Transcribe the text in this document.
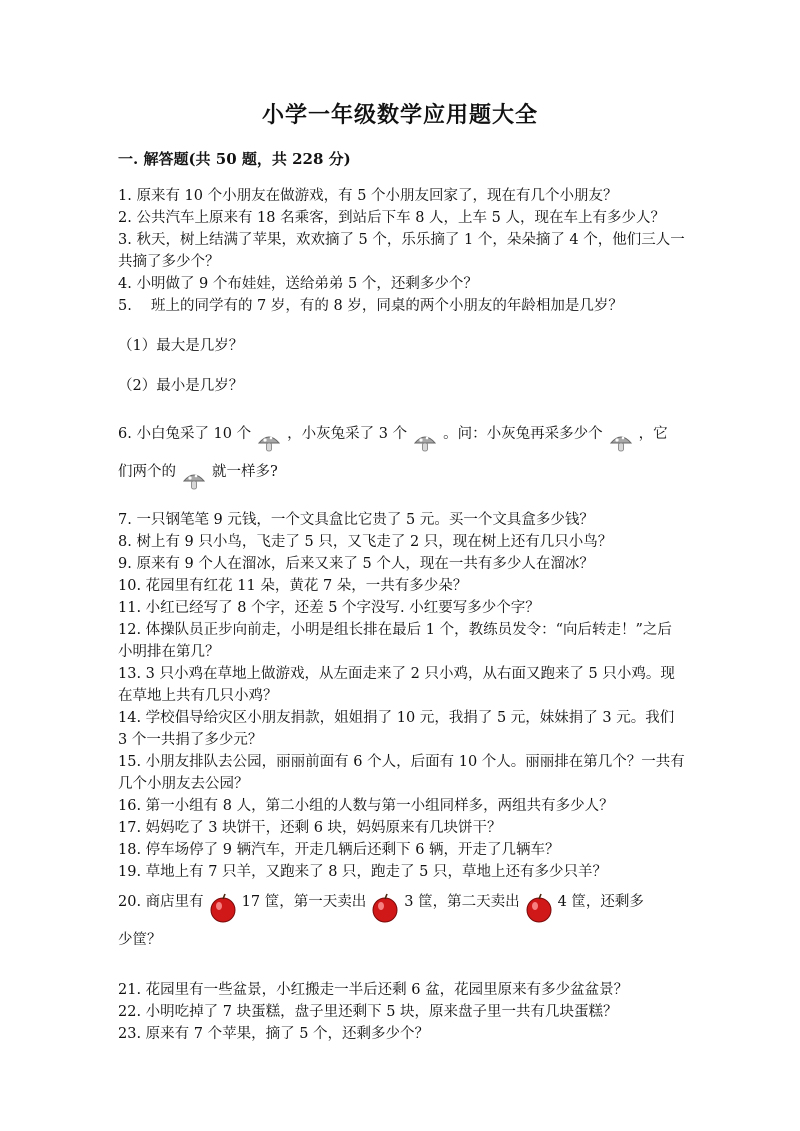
小学一年级数学应用题大全
一. 解答题(共 50 题，共 228 分)

1. 原来有 10 个小朋友在做游戏，有 5 个小朋友回家了，现在有几个小朋友？

2. 公共汽车上原来有 18 名乘客，到站后下车 8 人，上车 5 人，现在车上有多少人？

3. 秋天，树上结满了苹果，欢欢摘了 5 个，乐乐摘了 1 个，朵朵摘了 4 个，他们三人一共摘了多少个？

4. 小明做了 9 个布娃娃，送给弟弟 5 个，还剩多少个？

5.　 班上的同学有的 7 岁，有的 8 岁，同桌的两个小朋友的年龄相加是几岁？

（1）最大是几岁？

（2）最小是几岁？

6. 小白兔采了 10 个 ，小灰兔采了 3 个 。问：小灰兔再采多少个 ，它
们两个的 就一样多?

7. 一只钢笔笔 9 元钱，一个文具盒比它贵了 5 元。买一个文具盒多少钱？

8. 树上有 9 只小鸟，飞走了 5 只，又飞走了 2 只，现在树上还有几只小鸟？

9. 原来有 9 个人在溜冰，后来又来了 5 个人，现在一共有多少人在溜冰？

10. 花园里有红花 11 朵，黄花 7 朵，一共有多少朵？

11. 小红已经写了 8 个字，还差 5 个字没写. 小红要写多少个字？

12. 体操队员正步向前走，小明是组长排在最后 1 个，教练员发令：“向后转走！”之后小明排在第几？

13. 3 只小鸡在草地上做游戏，从左面走来了 2 只小鸡，从右面又跑来了 5 只小鸡。现在草地上共有几只小鸡？

14. 学校倡导给灾区小朋友捐款，姐姐捐了 10 元，我捐了 5 元，妹妹捐了 3 元。我们 3 个一共捐了多少元？

15. 小朋友排队去公园，丽丽前面有 6 个人，后面有 10 个人。丽丽排在第几个？一共有几个小朋友去公园？

16. 第一小组有 8 人，第二小组的人数与第一小组同样多，两组共有多少人？

17. 妈妈吃了 3 块饼干，还剩 6 块，妈妈原来有几块饼干？

18. 停车场停了 9 辆汽车，开走几辆后还剩下 6 辆，开走了几辆车？

19. 草地上有 7 只羊，又跑来了 8 只，跑走了 5 只，草地上还有多少只羊？

20. 商店里有	17 筐，第一天卖出	3 筐，第二天卖出	4 筐，还剩多
少筐？

21. 花园里有一些盆景，小红搬走一半后还剩 6 盆，花园里原来有多少盆盆景？

22. 小明吃掉了 7 块蛋糕，盘子里还剩下 5 块，原来盘子里一共有几块蛋糕？

23. 原来有 7 个苹果，摘了 5 个，还剩多少个？
